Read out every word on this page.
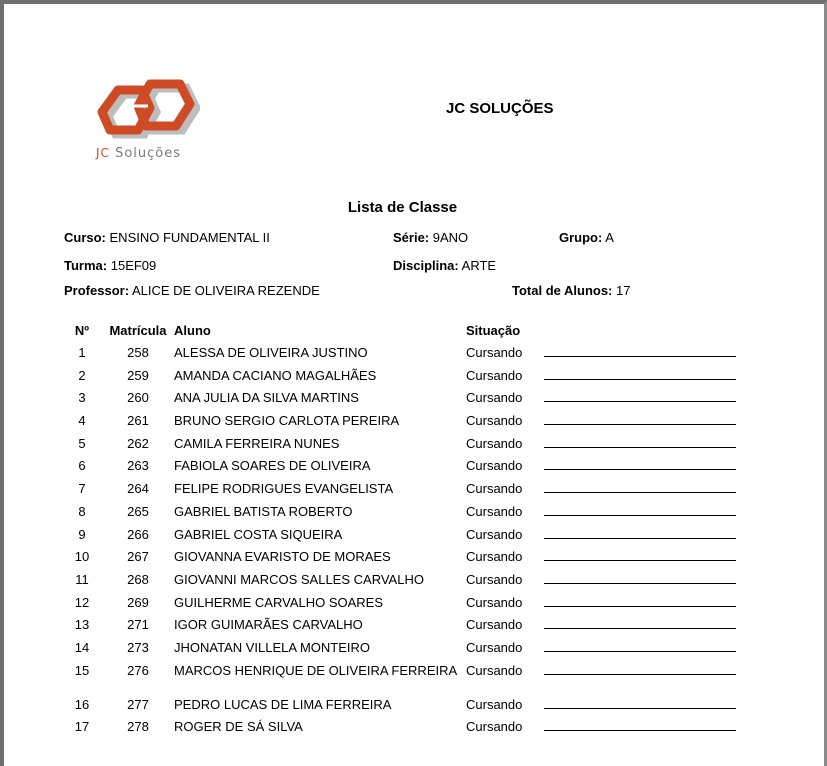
JC Soluções
JC SOLUÇÕES
Lista de Classe
Curso: ENSINO FUNDAMENTAL II	Série: 9ANO	Grupo: A
Turma: 15EF09	Disciplina: ARTE
Professor: ALICE DE OLIVEIRA REZENDE	Total de Alunos: 17
Nº	Matrícula	Aluno	Situação	
1	258	ALESSA DE OLIVEIRA JUSTINO	Cursando	

2	259	AMANDA CACIANO MAGALHÃES	Cursando	

3	260	ANA JULIA DA SILVA MARTINS	Cursando	

4	261	BRUNO SERGIO CARLOTA PEREIRA	Cursando	

5	262	CAMILA FERREIRA NUNES	Cursando	

6	263	FABIOLA SOARES DE OLIVEIRA	Cursando	

7	264	FELIPE RODRIGUES EVANGELISTA	Cursando	

8	265	GABRIEL BATISTA ROBERTO	Cursando	

9	266	GABRIEL COSTA SIQUEIRA	Cursando	

10	267	GIOVANNA EVARISTO DE MORAES	Cursando	

11	268	GIOVANNI MARCOS SALLES CARVALHO	Cursando	

12	269	GUILHERME CARVALHO SOARES	Cursando	

13	271	IGOR GUIMARÃES CARVALHO	Cursando	

14	273	JHONATAN VILLELA MONTEIRO	Cursando	

15	276	MARCOS HENRIQUE DE OLIVEIRA FERREIRA	Cursando	

16	277	PEDRO LUCAS DE LIMA FERREIRA	Cursando	

17	278	ROGER DE SÁ SILVA	Cursando	
